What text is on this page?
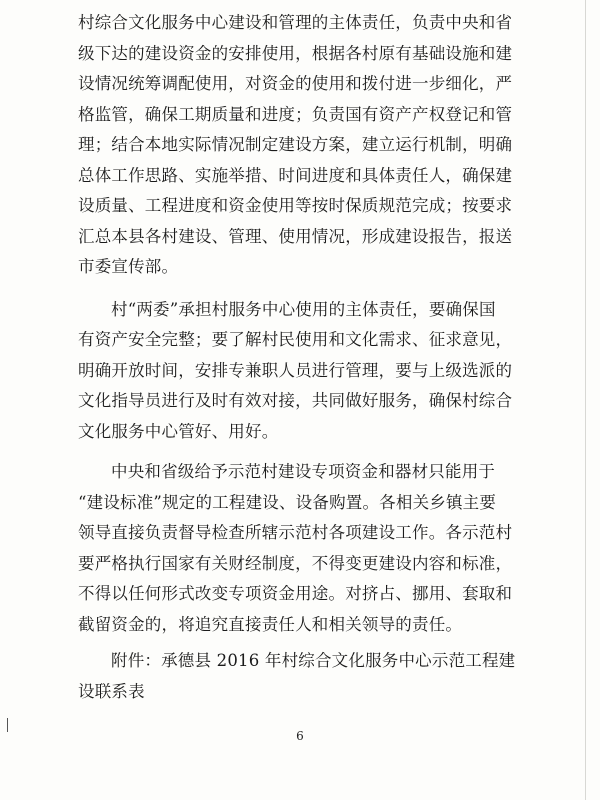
村综合文化服务中心建设和管理的主体责任，负责中央和省
级下达的建设资金的安排使用，根据各村原有基础设施和建
设情况统筹调配使用，对资金的使用和拨付进一步细化，严
格监管，确保工期质量和进度；负责国有资产产权登记和管
理；结合本地实际情况制定建设方案，建立运行机制，明确
总体工作思路、实施举措、时间进度和具体责任人，确保建
设质量、工程进度和资金使用等按时保质规范完成；按要求
汇总本县各村建设、管理、使用情况，形成建设报告，报送
市委宣传部。

村“两委”承担村服务中心使用的主体责任，要确保国
有资产安全完整；要了解村民使用和文化需求、征求意见，
明确开放时间，安排专兼职人员进行管理，要与上级选派的
文化指导员进行及时有效对接，共同做好服务，确保村综合
文化服务中心管好、用好。

中央和省级给予示范村建设专项资金和器材只能用于
“建设标准”规定的工程建设、设备购置。各相关乡镇主要
领导直接负责督导检查所辖示范村各项建设工作。各示范村
要严格执行国家有关财经制度，不得变更建设内容和标准，
不得以任何形式改变专项资金用途。对挤占、挪用、套取和
截留资金的，将追究直接责任人和相关领导的责任。

附件：承德县 2016 年村综合文化服务中心示范工程建
设联系表

6
